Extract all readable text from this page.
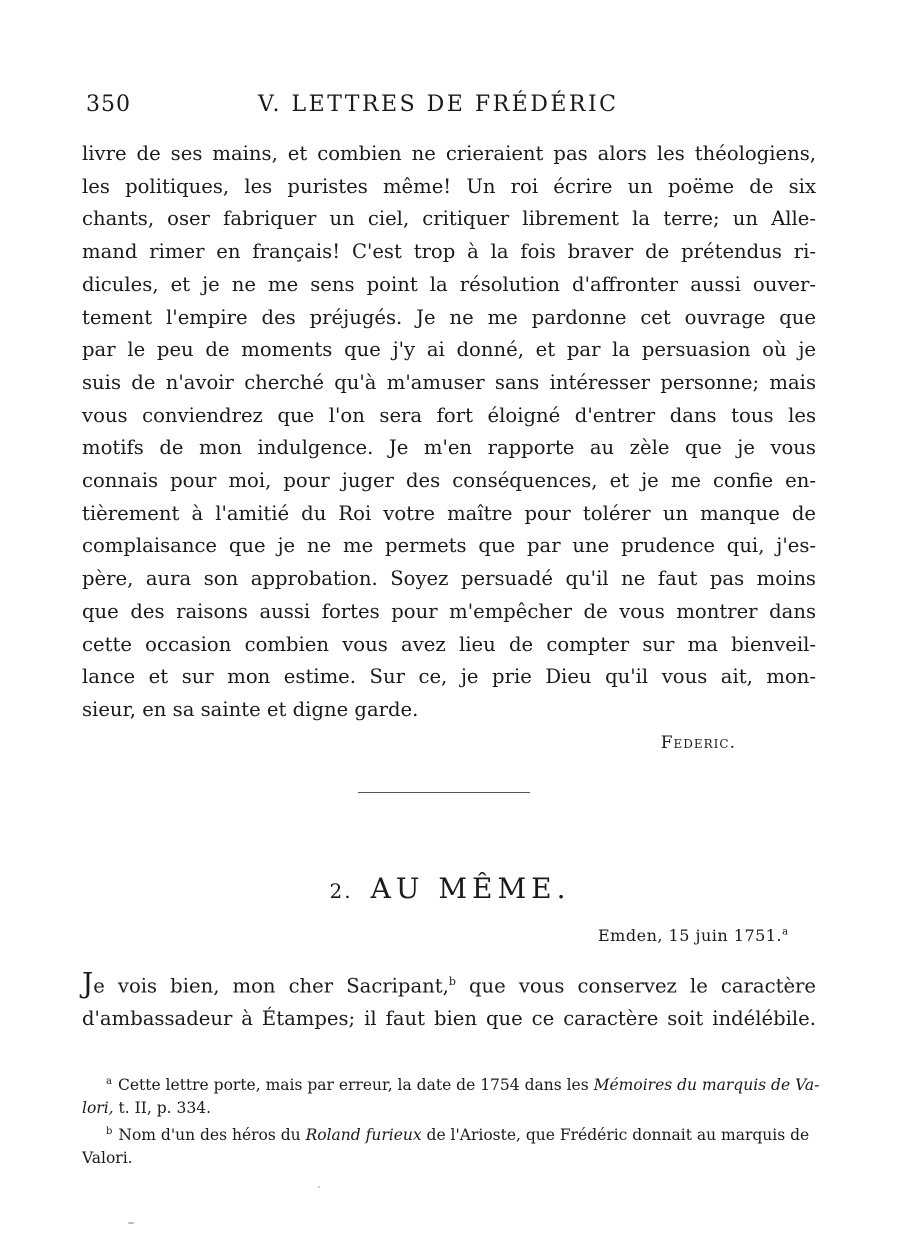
350	V. LETTRES DE FRÉDÉRIC
livre de ses mains, et combien ne crieraient pas alors les théologiens,
les politiques, les puristes même! Un roi écrire un poëme de six
chants, oser fabriquer un ciel, critiquer librement la terre; un Alle-
mand rimer en français! C'est trop à la fois braver de prétendus ri-
dicules, et je ne me sens point la résolution d'affronter aussi ouver-
tement l'empire des préjugés. Je ne me pardonne cet ouvrage que
par le peu de moments que j'y ai donné, et par la persuasion où je
suis de n'avoir cherché qu'à m'amuser sans intéresser personne; mais
vous conviendrez que l'on sera fort éloigné d'entrer dans tous les
motifs de mon indulgence. Je m'en rapporte au zèle que je vous
connais pour moi, pour juger des conséquences, et je me confie en-
tièrement à l'amitié du Roi votre maître pour tolérer un manque de
complaisance que je ne me permets que par une prudence qui, j'es-
père, aura son approbation. Soyez persuadé qu'il ne faut pas moins
que des raisons aussi fortes pour m'empêcher de vous montrer dans
cette occasion combien vous avez lieu de compter sur ma bienveil-
lance et sur mon estime. Sur ce, je prie Dieu qu'il vous ait, mon-
sieur, en sa sainte et digne garde.
Federic.
2. AU MÊME.
Emden, 15 juin 1751.$^a$
Je vois bien, mon cher Sacripant,$^b$ que vous conservez le caractère
d'ambassadeur à Étampes; il faut bien que ce caractère soit indélébile.

$^a$ Cette lettre porte, mais par erreur, la date de 1754 dans les Mémoires du marquis de Va-
lori, t. II, p. 334.

$^b$ Nom d'un des héros du Roland furieux de l'Arioste, que Frédéric donnait au marquis de
Valori.
